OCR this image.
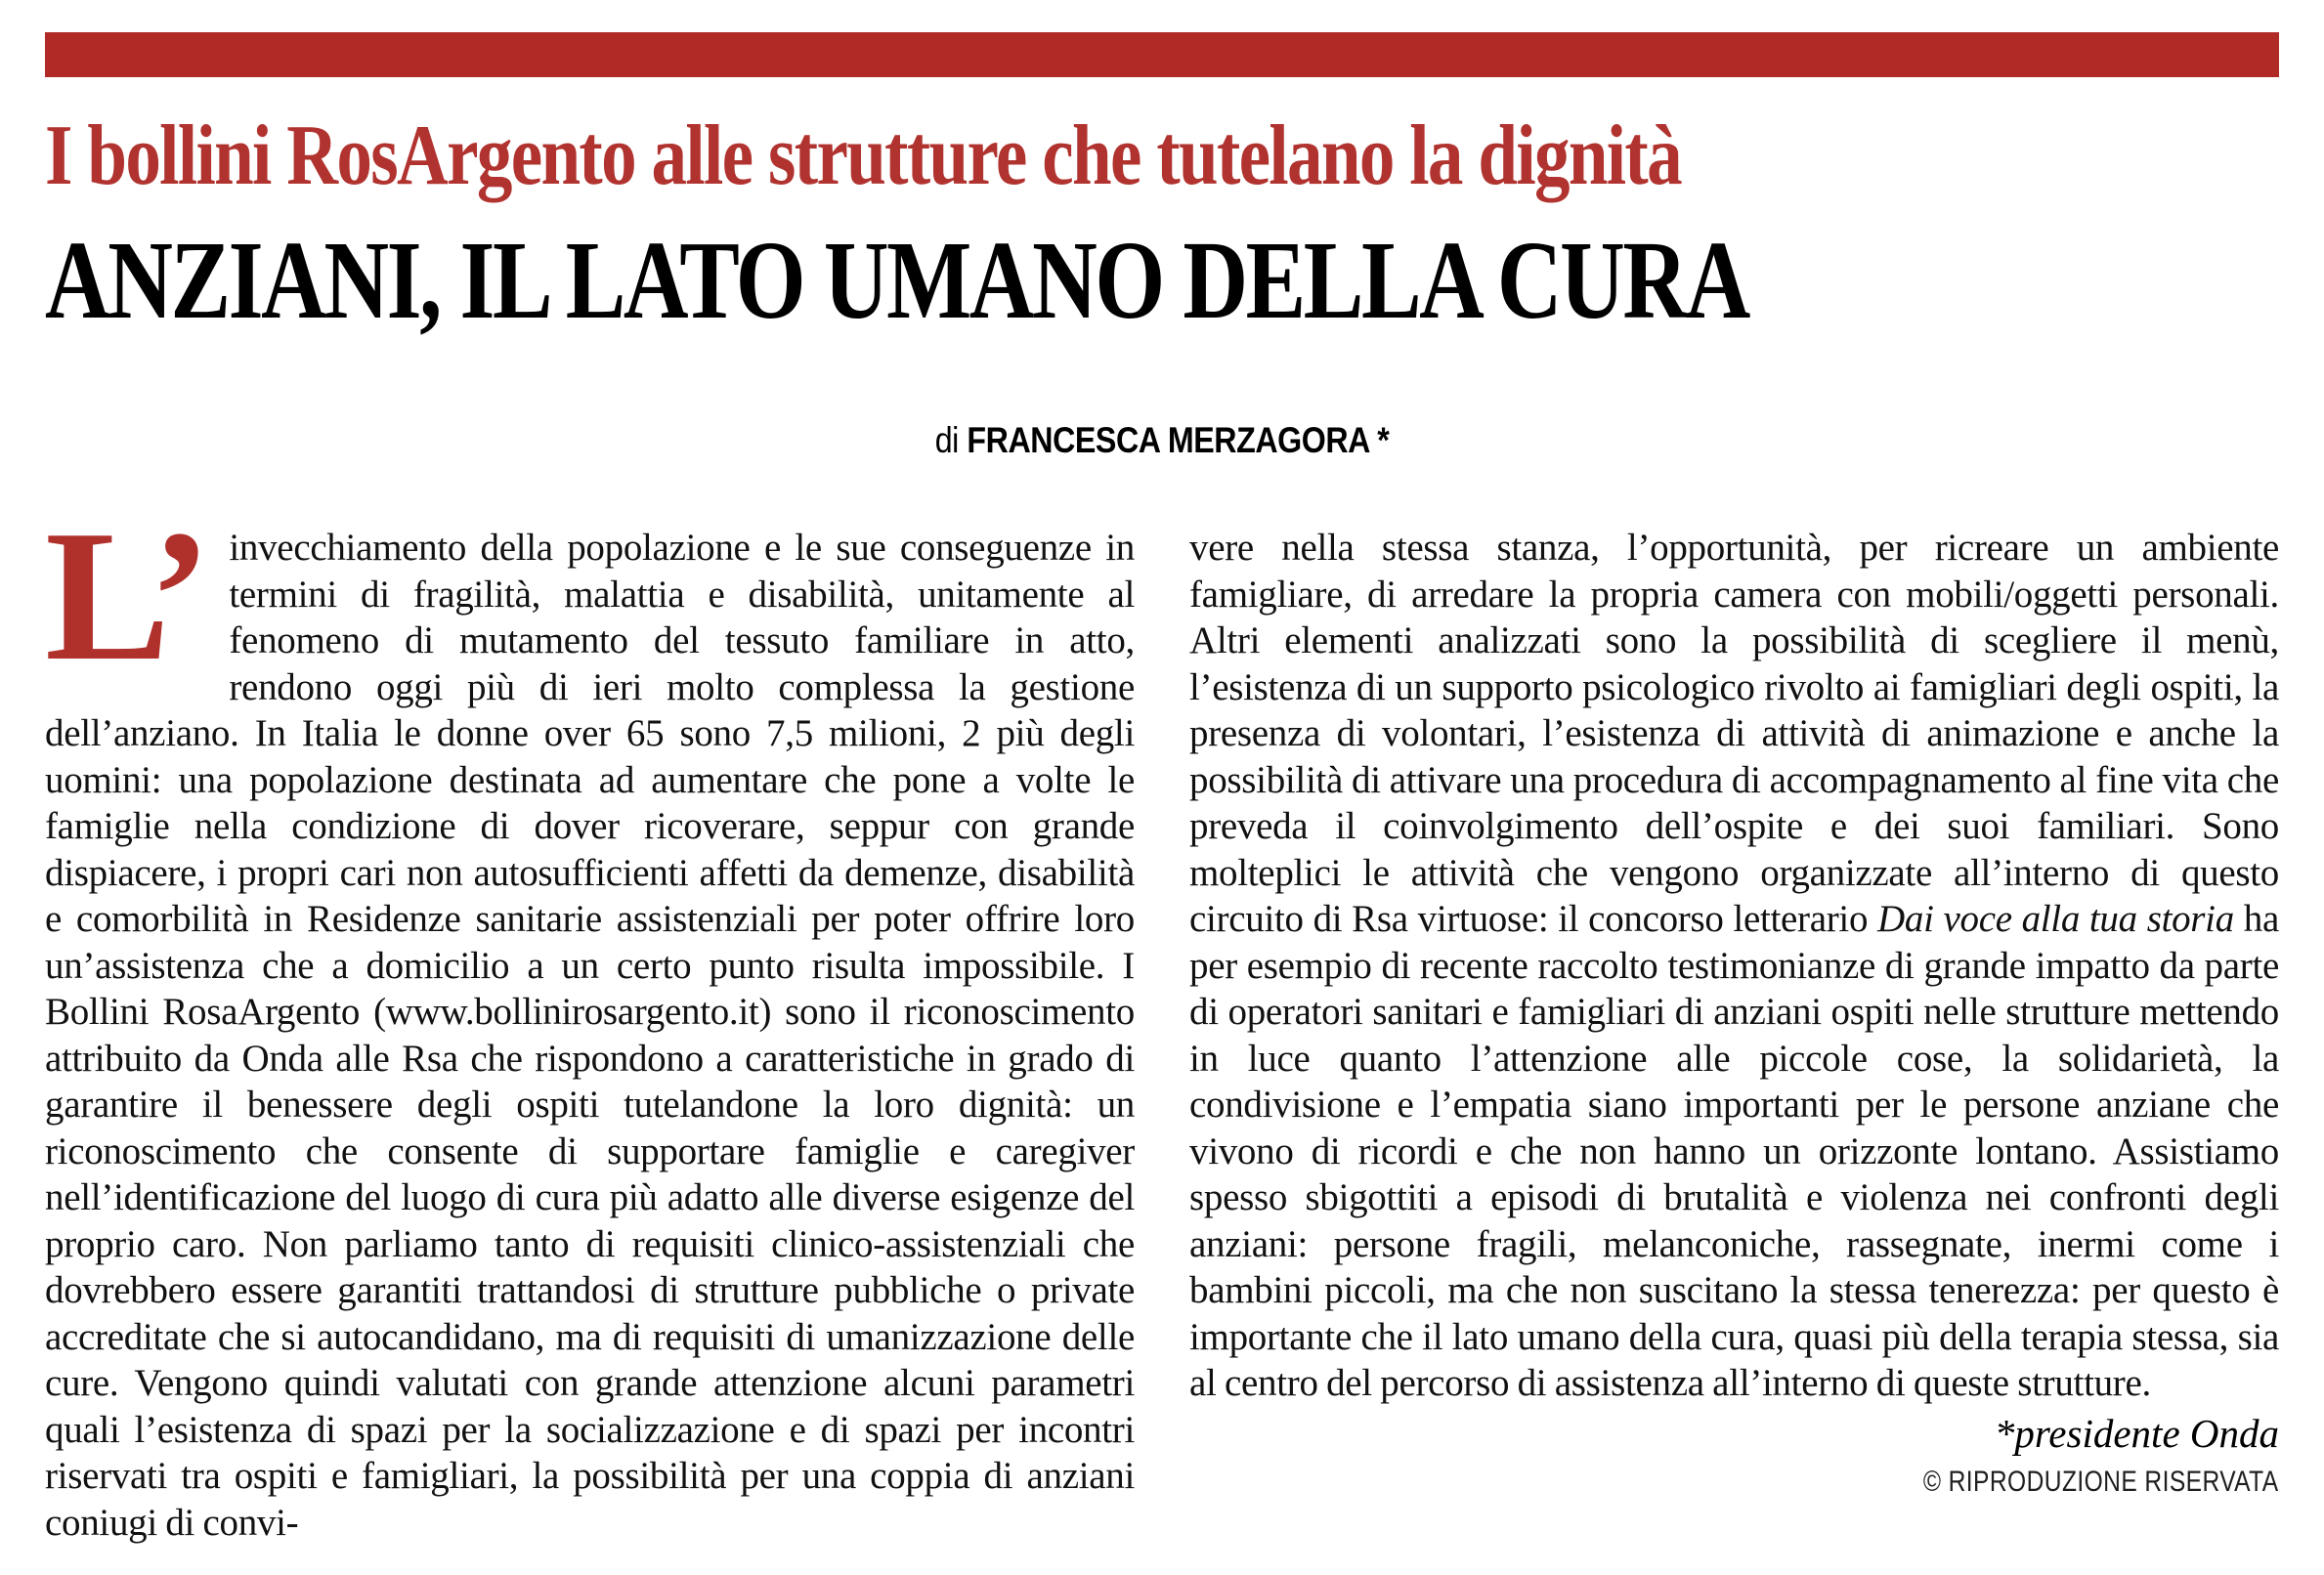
I bollini RosArgento alle strutture che tutelano la dignità
ANZIANI, IL LATO UMANO DELLA CURA
di FRANCESCA MERZAGORA *

L’ invecchiamento della popolazione e le sue conseguenze in termini di fragilità, malattia e disabilità, unitamente al fenomeno di mutamento del tessuto familiare in atto, rendono oggi più di ieri molto complessa la gestione dell’anziano. In Italia le donne over 65 sono 7,5 milioni, 2 più degli uomini: una popolazione destinata ad aumentare che pone a volte le famiglie nella condizione di dover ricoverare, seppur con grande dispiacere, i propri cari non autosufficienti affetti da demenze, disabilità e comorbilità in Residenze sanitarie assistenziali per poter offrire loro un’assistenza che a domicilio a un certo punto risulta impossibile. I Bollini RosaArgento (www.bollinirosargento.it) sono il riconoscimento attribuito da Onda alle Rsa che rispondono a caratteristiche in grado di garantire il benessere degli ospiti tutelandone la loro dignità: un riconoscimento che consente di supportare famiglie e caregiver nell’identificazione del luogo di cura più adatto alle diverse esigenze del proprio caro. Non parliamo tanto di requisiti clinico-assistenziali che dovrebbero essere garantiti trattandosi di strutture pubbliche o private accreditate che si autocandidano, ma di requisiti di umanizzazione delle cure. Vengono quindi valutati con grande attenzione alcuni parametri quali l’esistenza di spazi per la socializzazione e di spazi per incontri riservati tra ospiti e famigliari, la possibilità per una coppia di anziani coniugi di convi-

vere nella stessa stanza, l’opportunità, per ricreare un ambiente famigliare, di arredare la propria camera con mobili/oggetti personali. Altri elementi analizzati sono la possibilità di scegliere il menù, l’esistenza di un supporto psicologico rivolto ai famigliari degli ospiti, la presenza di volontari, l’esistenza di attività di animazione e anche la possibilità di attivare una procedura di accompagnamento al fine vita che preveda il coinvolgimento dell’ospite e dei suoi familiari. Sono molteplici le attività che vengono organizzate all’interno di questo circuito di Rsa virtuose: il concorso letterario Dai voce alla tua storia ha per esempio di recente raccolto testimonianze di grande impatto da parte di operatori sanitari e famigliari di anziani ospiti nelle strutture mettendo in luce quanto l’attenzione alle piccole cose, la solidarietà, la condivisione e l’empatia siano importanti per le persone anziane che vivono di ricordi e che non hanno un orizzonte lontano. Assistiamo spesso sbigottiti a episodi di brutalità e violenza nei confronti degli anziani: persone fragili, melanconiche, rassegnate, inermi come i bambini piccoli, ma che non suscitano la stessa tenerezza: per questo è importante che il lato umano della cura, quasi più della terapia stessa, sia al centro del percorso di assistenza all’interno di queste strutture.

*presidente Onda
© RIPRODUZIONE RISERVATA
